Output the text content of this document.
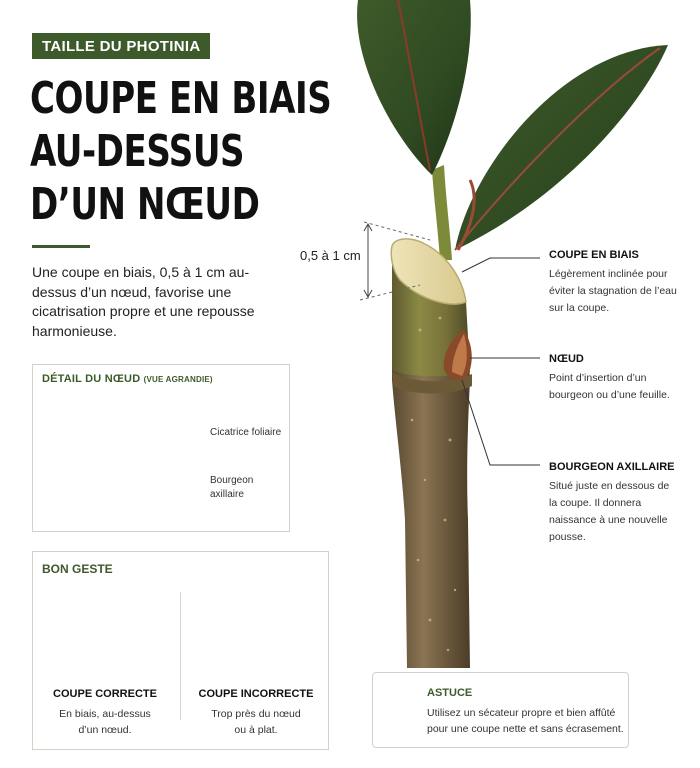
TAILLE DU PHOTINIA
COUPE EN BIAIS
AU-DESSUS
D’UN NŒUD
Une coupe en biais, 0,5 à 1 cm au-dessus d’un nœud, favorise une cicatrisation propre et une repousse harmonieuse.
0,5 à 1 cm	COUPE EN BIAIS
Légèrement inclinée pour éviter la stagnation de l’eau sur la coupe.
NŒUD
Point d’insertion d’un bourgeon ou d’une feuille.
BOURGEON AXILLAIRE
Situé juste en dessous de la coupe. Il donnera naissance à une nouvelle pousse.
DÉTAIL DU NŒUD (VUE AGRANDIE)
Cicatrice foliaire
Bourgeon
axillaire
BON GESTE
COUPE CORRECTE
En biais, au-dessus
d’un nœud.
COUPE INCORRECTE
Trop près du nœud
ou à plat.
ASTUCE
Utilisez un sécateur propre et bien affûté pour une coupe nette et sans écrasement.
